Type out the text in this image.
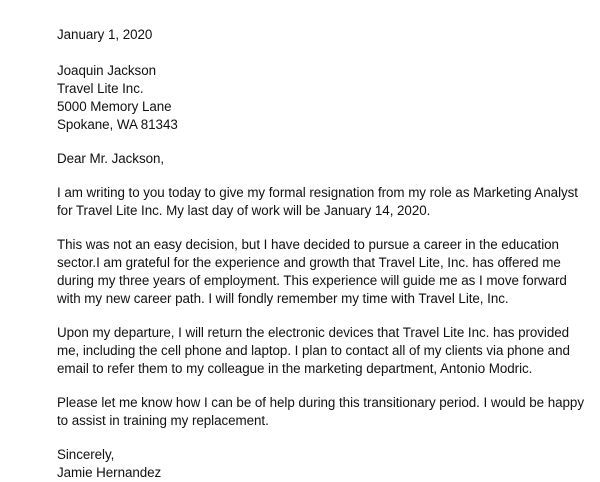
January 1, 2020
Joaquin Jackson
Travel Lite Inc.
5000 Memory Lane
Spokane, WA 81343
Dear Mr. Jackson,
I am writing to you today to give my formal resignation from my role as Marketing Analyst
for Travel Lite Inc. My last day of work will be January 14, 2020.
This was not an easy decision, but I have decided to pursue a career in the education
sector.I am grateful for the experience and growth that Travel Lite, Inc. has offered me
during my three years of employment. This experience will guide me as I move forward
with my new career path. I will fondly remember my time with Travel Lite, Inc.
Upon my departure, I will return the electronic devices that Travel Lite Inc. has provided
me, including the cell phone and laptop. I plan to contact all of my clients via phone and
email to refer them to my colleague in the marketing department, Antonio Modric.
Please let me know how I can be of help during this transitionary period. I would be happy
to assist in training my replacement.
Sincerely,
Jamie Hernandez
